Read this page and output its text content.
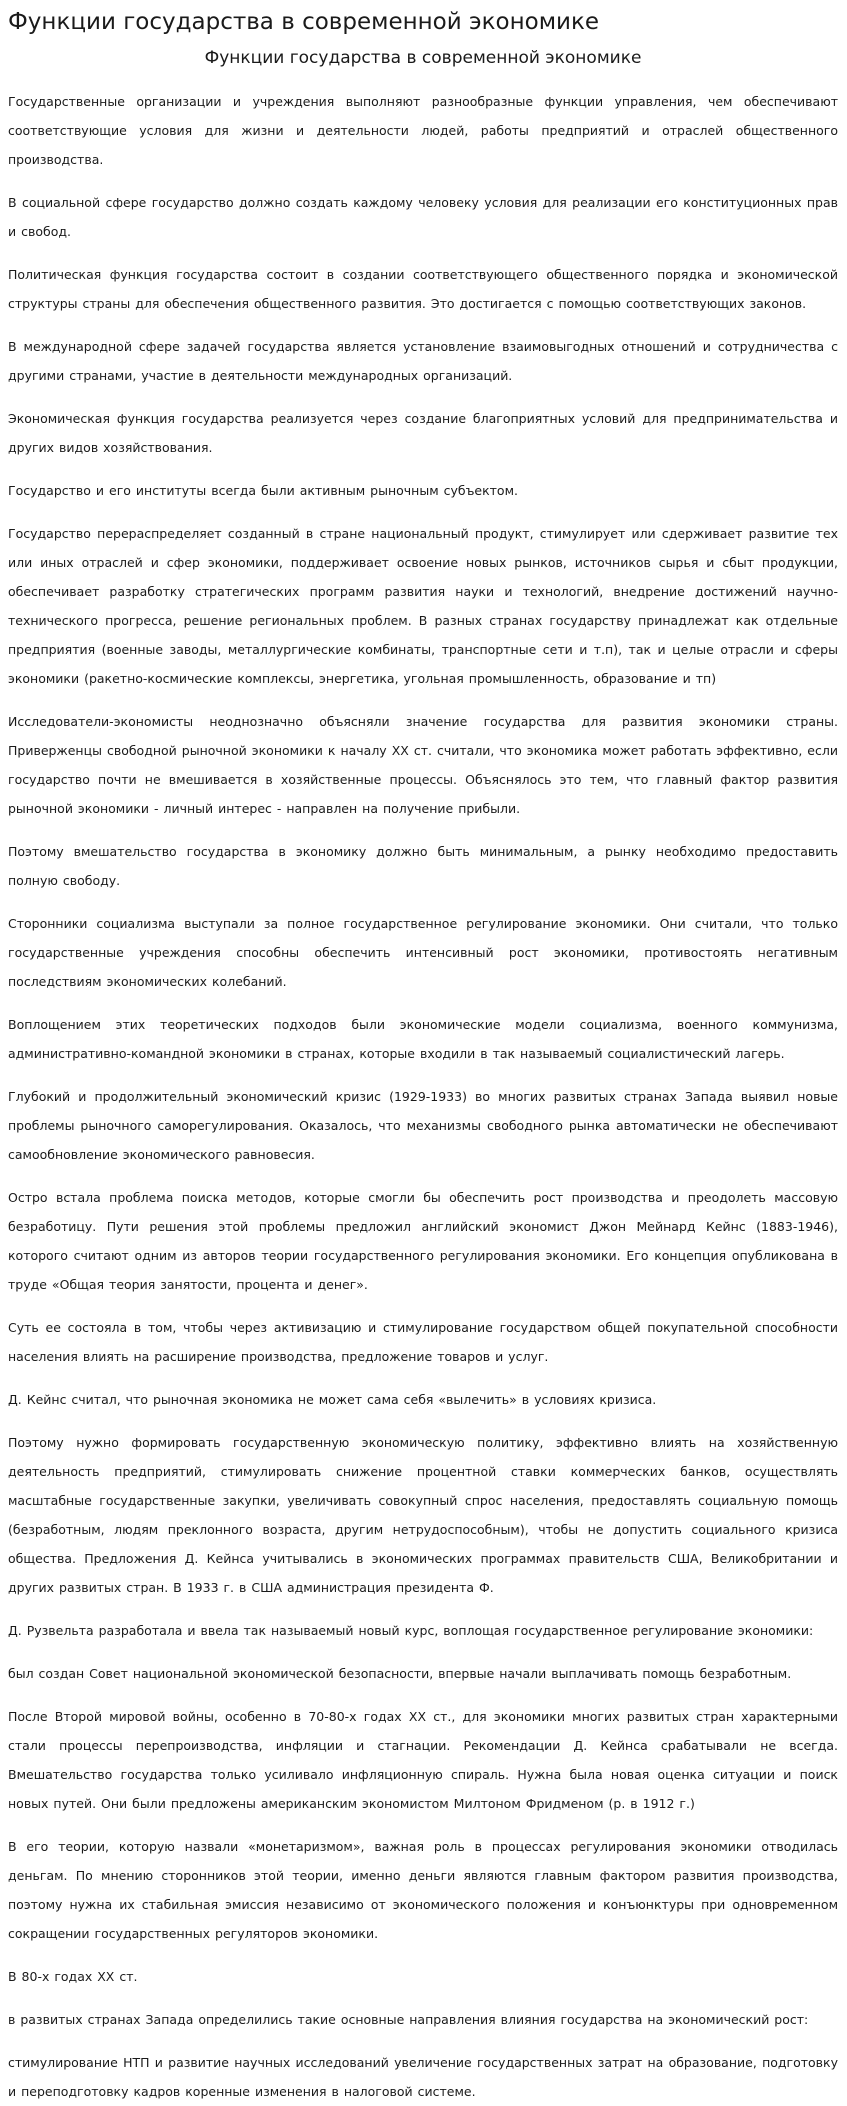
Функции государства в современной экономике
Функции государства в современной экономике

Государственные организации и учреждения выполняют разнообразные функции управления, чем обеспечивают соответствующие условия для жизни и деятельности людей, работы предприятий и отраслей общественного производства.

В социальной сфере государство должно создать каждому человеку условия для реализации его конституционных прав и свобод.

Политическая функция государства состоит в создании соответствующего общественного порядка и экономической структуры страны для обеспечения общественного развития. Это достигается с помощью соответствующих законов.

В международной сфере задачей государства является установление взаимовыгодных отношений и сотрудничества с другими странами, участие в деятельности международных организаций.

Экономическая функция государства реализуется через создание благоприятных условий для предпринимательства и других видов хозяйствования.

Государство и его институты всегда были активным рыночным субъектом.

Государство перераспределяет созданный в стране национальный продукт, стимулирует или сдерживает развитие тех или иных отраслей и сфер экономики, поддерживает освоение новых рынков, источников сырья и сбыт продукции, обеспечивает разработку стратегических программ развития науки и технологий, внедрение достижений научно-технического прогресса, решение региональных проблем. В разных странах государству принадлежат как отдельные предприятия (военные заводы, металлургические комбинаты, транспортные сети и т.п), так и целые отрасли и сферы экономики (ракетно-космические комплексы, энергетика, угольная промышленность, образование и тп)

Исследователи-экономисты неоднозначно объясняли значение государства для развития экономики страны. Приверженцы свободной рыночной экономики к началу XX ст. считали, что экономика может работать эффективно, если государство почти не вмешивается в хозяйственные процессы. Объяснялось это тем, что главный фактор развития рыночной экономики - личный интерес - направлен на получение прибыли.

Поэтому вмешательство государства в экономику должно быть минимальным, а рынку необходимо предоставить полную свободу.

Сторонники социализма выступали за полное государственное регулирование экономики. Они считали, что только государственные учреждения способны обеспечить интенсивный рост экономики, противостоять негативным последствиям экономических колебаний.

Воплощением этих теоретических подходов были экономические модели социализма, военного коммунизма, административно-командной экономики в странах, которые входили в так называемый социалистический лагерь.

Глубокий и продолжительный экономический кризис (1929-1933) во многих развитых странах Запада выявил новые проблемы рыночного саморегулирования. Оказалось, что механизмы свободного рынка автоматически не обеспечивают самообновление экономического равновесия.

Остро встала проблема поиска методов, которые смогли бы обеспечить рост производства и преодолеть массовую безработицу. Пути решения этой проблемы предложил английский экономист Джон Мейнард Кейнс (1883-1946), которого считают одним из авторов теории государственного регулирования экономики. Его концепция опубликована в труде «Общая теория занятости, процента и денег».

Суть ее состояла в том, чтобы через активизацию и стимулирование государством общей покупательной способности населения влиять на расширение производства, предложение товаров и услуг.

Д. Кейнс считал, что рыночная экономика не может сама себя «вылечить» в условиях кризиса.

Поэтому нужно формировать государственную экономическую политику, эффективно влиять на хозяйственную деятельность предприятий, стимулировать снижение процентной ставки коммерческих банков, осуществлять масштабные государственные закупки, увеличивать совокупный спрос населения, предоставлять социальную помощь (безработным, людям преклонного возраста, другим нетрудоспособным), чтобы не допустить социального кризиса общества. Предложения Д. Кейнса учитывались в экономических программах правительств США, Великобритании и других развитых стран. В 1933 г. в США администрация президента Ф.

Д. Рузвельта разработала и ввела так называемый новый курс, воплощая государственное регулирование экономики:

был создан Совет национальной экономической безопасности, впервые начали выплачивать помощь безработным.

После Второй мировой войны, особенно в 70-80-х годах XX ст., для экономики многих развитых стран характерными стали процессы перепроизводства, инфляции и стагнации. Рекомендации Д. Кейнса срабатывали не всегда. Вмешательство государства только усиливало инфляционную спираль. Нужна была новая оценка ситуации и поиск новых путей. Они были предложены американским экономистом Милтоном Фридменом (р. в 1912 г.)

В его теории, которую назвали «монетаризмом», важная роль в процессах регулирования экономики отводилась деньгам. По мнению сторонников этой теории, именно деньги являются главным фактором развития производства, поэтому нужна их стабильная эмиссия независимо от экономического положения и конъюнктуры при одновременном сокращении государственных регуляторов экономики.

В 80-х годах XX ст.

в развитых странах Запада определились такие основные направления влияния государства на экономический рост:

стимулирование НТП и развитие научных исследований увеличение государственных затрат на образование, подготовку и переподготовку кадров коренные изменения в налоговой системе.
